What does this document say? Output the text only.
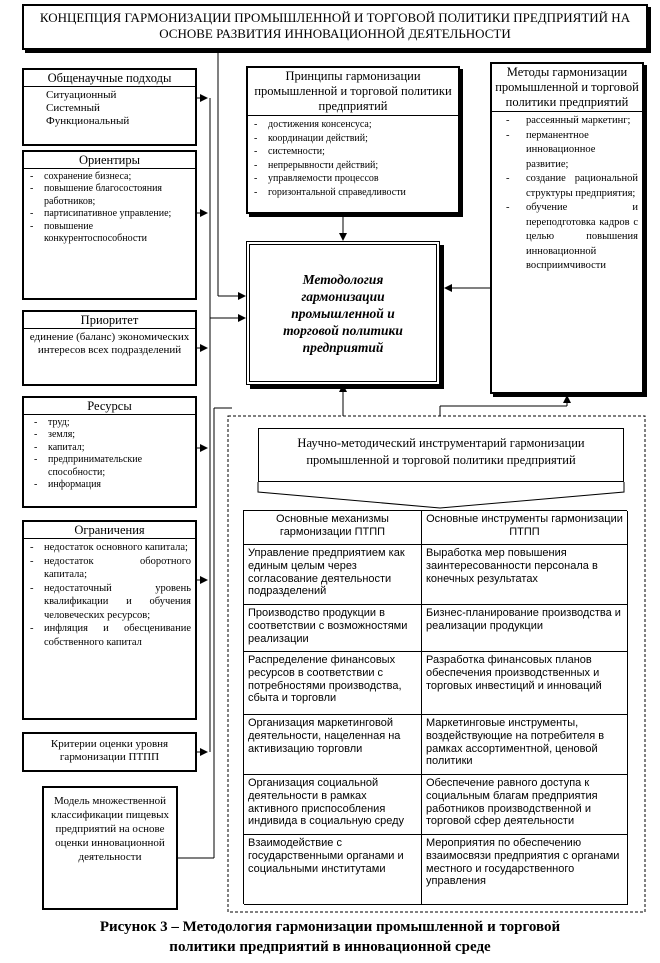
КОНЦЕПЦИЯ ГАРМОНИЗАЦИИ ПРОМЫШЛЕННОЙ И ТОРГОВОЙ ПОЛИТИКИ ПРЕДПРИЯТИЙ НА ОСНОВЕ РАЗВИТИЯ ИННОВАЦИОННОЙ ДЕЯТЕЛЬНОСТИ
Общенаучные подходы
Ситуационный
Системный
Функциональный
Ориентиры
- сохранение бизнеса;
- повышение благосостояния работников;
- партисипативное управление;
- повышение конкурентоспособности
Приоритет
единение (баланс) экономических интересов всех подразделений
Ресурсы
- труд;
- земля;
- капитал;
- предпринимательские способности;
- информация
Ограничения
- недостаток основного капитала;
- недостаток оборотного капитала;
- недостаточный уровень квалификации и обучения человеческих ресурсов;
- инфляция и обесценивание собственного капитал
Критерии оценки уровня гармонизации ПТПП
Модель множественной классификации пищевых предприятий на основе оценки инновационной деятельности
Принципы гармонизации промышленной и торговой политики предприятий
- достижения консенсуса;
- координации действий;
- системности;
- непрерывности действий;
- управляемости процессов
- горизонтальной справедливости
Методы гармонизации промышленной и торговой политики предприятий
- рассеянный маркетинг;
- перманентное инновационное развитие;
- создание рациональной структуры предприятия;
- обучение и переподготовка кадров с целью повышения инновационной восприимчивости
Методология гармонизации промышленной и торговой политики предприятий
Научно-методический инструментарий гармонизации промышленной и торговой политики предприятий
Основные механизмы гармонизации ПТПП
Основные инструменты гармонизации ПТПП
Управление предприятием как единым целым через согласование деятельности подразделений
Выработка мер повышения заинтересованности персонала в конечных результатах
Производство продукции в соответствии с возможностями реализации
Бизнес-планирование производства и реализации продукции
Распределение финансовых ресурсов в соответствии с потребностями производства, сбыта и торговли
Разработка финансовых планов обеспечения производственных и торговых инвестиций и инноваций
Организация маркетинговой деятельности, нацеленная на активизацию торговли
Маркетинговые инструменты, воздействующие на потребителя в рамках ассортиментной, ценовой политики
Организация социальной деятельности в рамках активного приспособления индивида в социальную среду
Обеспечение равного доступа к социальным благам предприятия работников производственной и торговой сфер деятельности
Взаимодействие с государственными органами и социальными институтами
Мероприятия по обеспечению взаимосвязи предприятия с органами местного и государственного управления
Рисунок 3 – Методология гармонизации промышленной и торговой
политики предприятий в инновационной среде
